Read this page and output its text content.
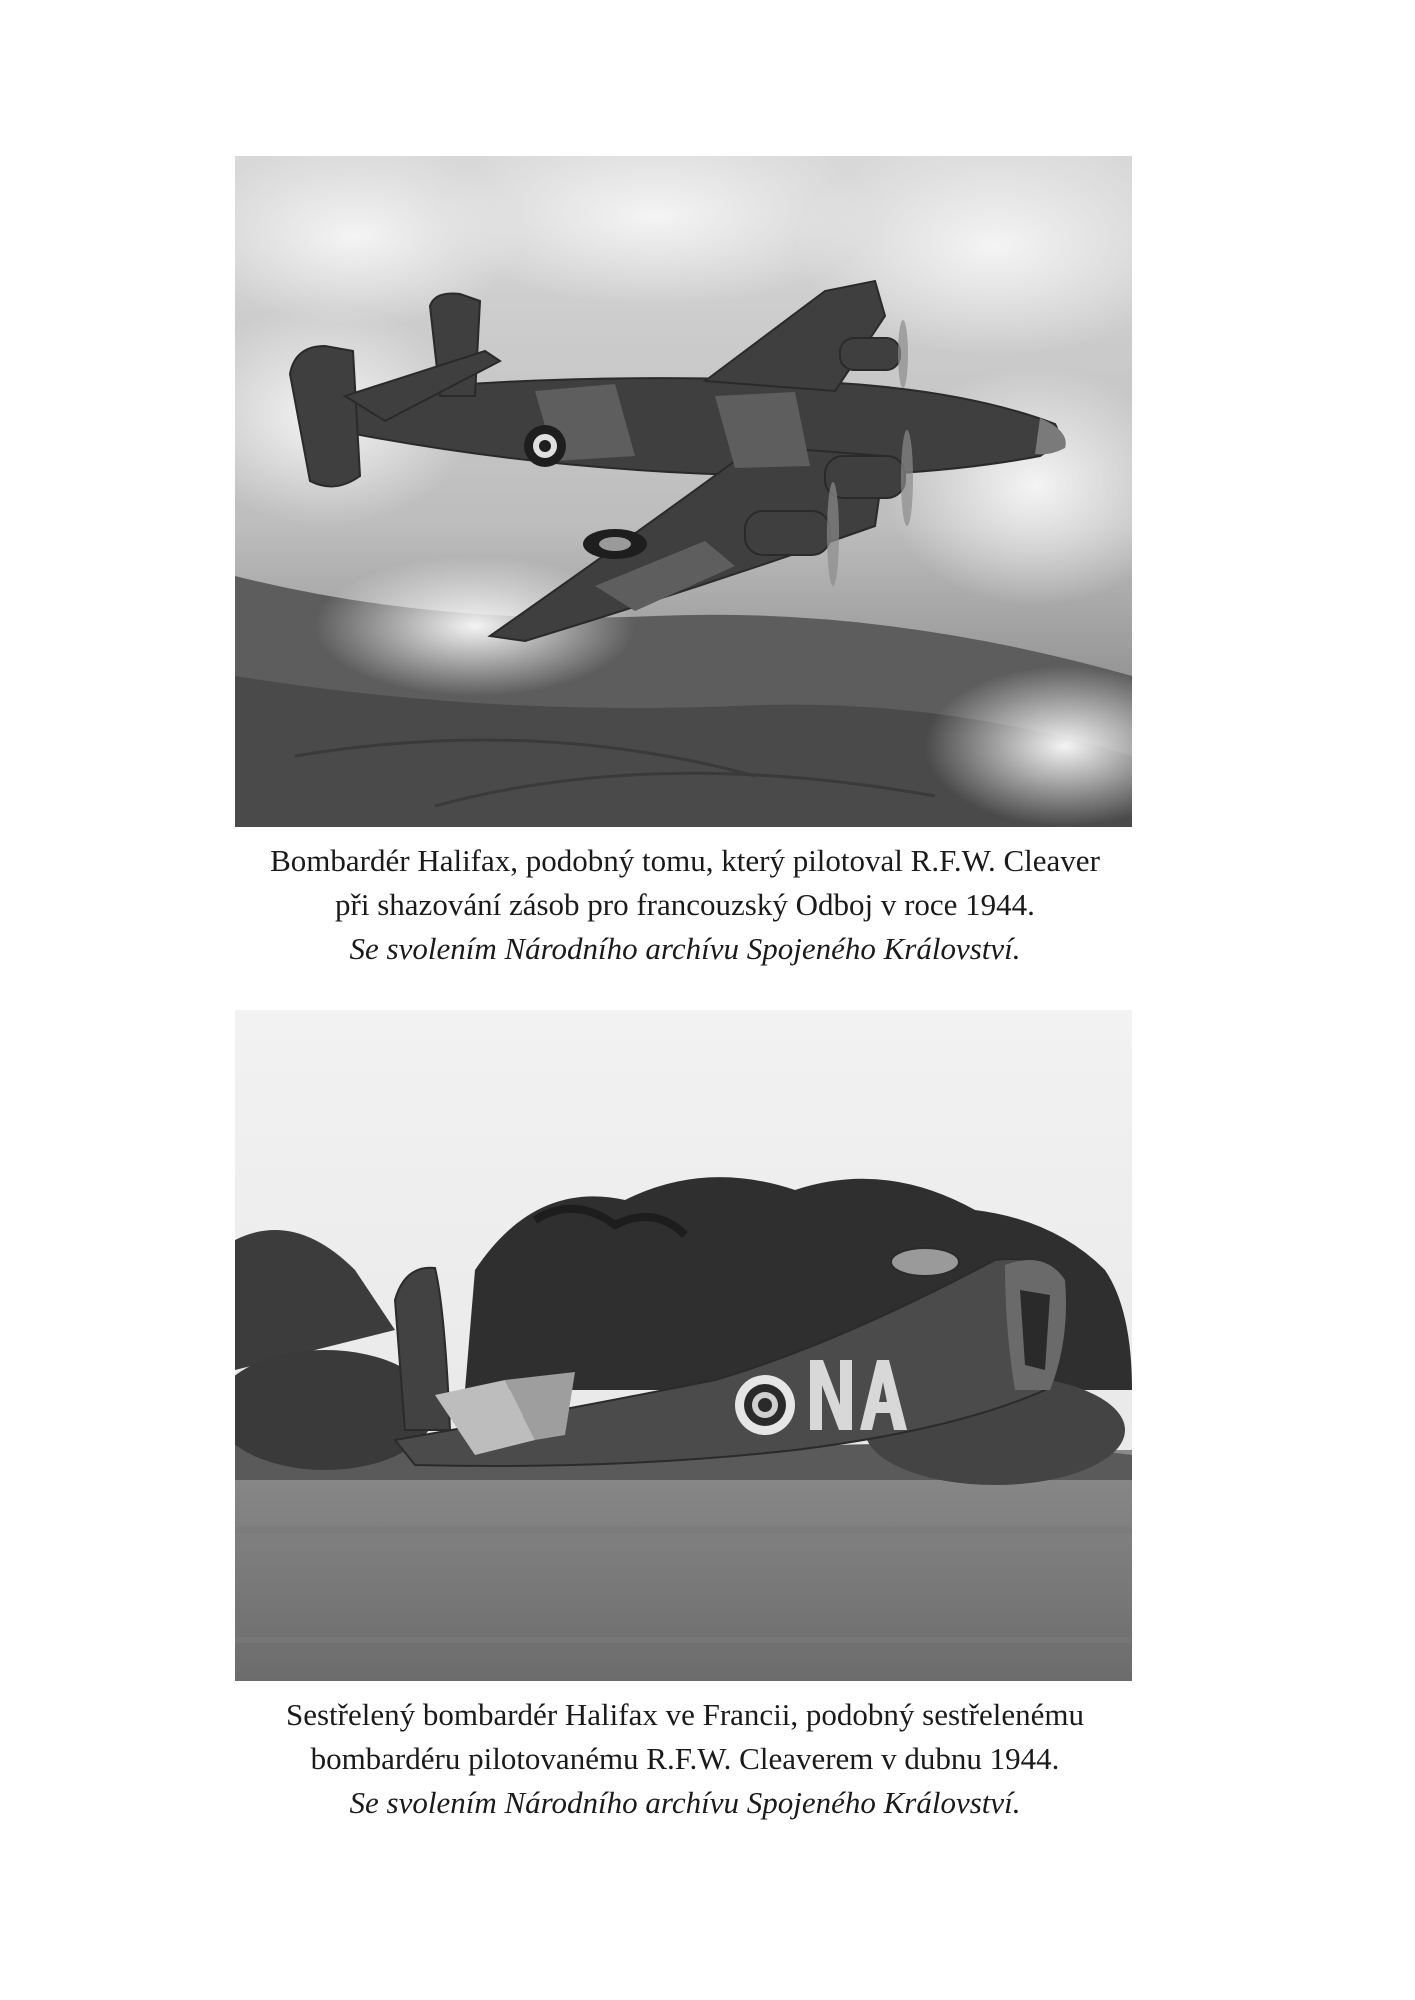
Bombardér Halifax, podobný tomu, který pilotoval R.F.W. Cleaver
při shazování zásob pro francouzský Odboj v roce 1944.
Se svolením Národního archívu Spojeného Království.
Sestřelený bombardér Halifax ve Francii, podobný sestřelenému
bombardéru pilotovanému R.F.W. Cleaverem v dubnu 1944.
Se svolením Národního archívu Spojeného Království.
